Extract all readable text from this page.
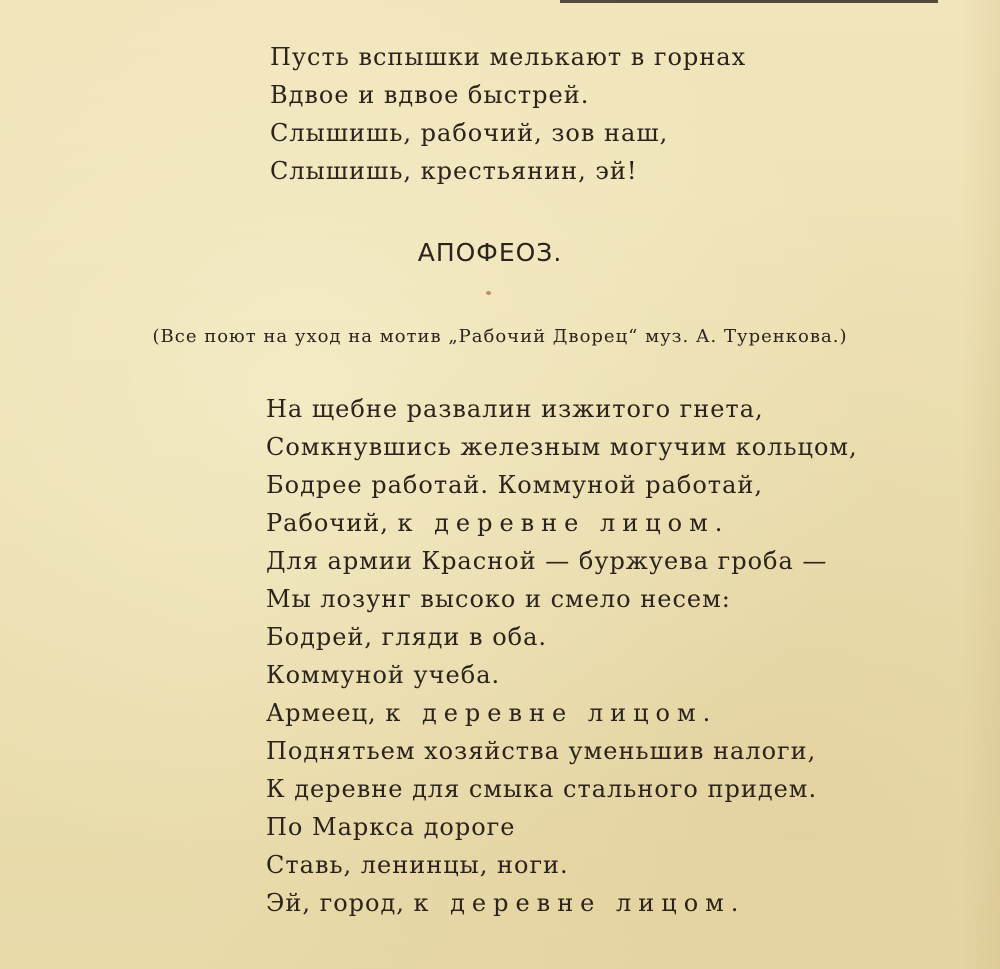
Пусть вспышки мелькают в горнах
Вдвое и вдвое быстрей.
Слышишь, рабочий, зов наш,
Слышишь, крестьянин, эй!
АПОФЕОЗ.
(Все поют на уход на мотив „Рабочий Дворец“ муз. А. Туренкова.)
На щебне развалин изжитого гнета,
Сомкнувшись железным могучим кольцом,
Бодрее работай. Коммуной работай,
Рабочий, к деревне лицом.
Для армии Красной — буржуева гроба —
Мы лозунг высоко и смело несем:
Бодрей, гляди в оба.
Коммуной учеба.
Армеец, к деревне лицом.
Поднятьем хозяйства уменьшив налоги,
К деревне для смыка стального придем.
По Маркса дороге
Ставь, ленинцы, ноги.
Эй, город, к деревне лицом.
